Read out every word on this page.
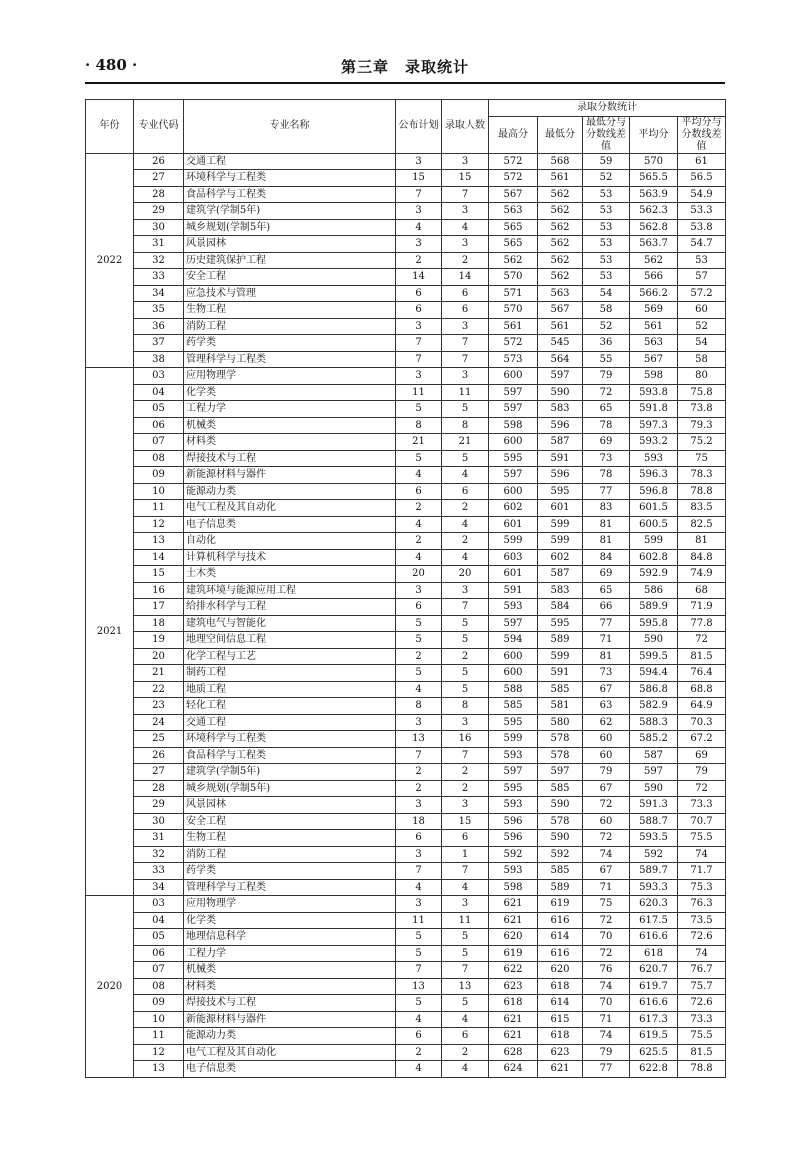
· 480 ·	第三章　录取统计
年份	专业代码	专业名称	公布计划	录取人数	录取分数统计				
					最高分	最低分	最低分与分数线差值	平均分	平均分与分数线差值
2022	26	交通工程	3	3	572	568	59	570	61
	27	环境科学与工程类	15	15	572	561	52	565.5	56.5
	28	食品科学与工程类	7	7	567	562	53	563.9	54.9
	29	建筑学(学制5年)	3	3	563	562	53	562.3	53.3
	30	城乡规划(学制5年)	4	4	565	562	53	562.8	53.8
	31	风景园林	3	3	565	562	53	563.7	54.7
	32	历史建筑保护工程	2	2	562	562	53	562	53
	33	安全工程	14	14	570	562	53	566	57
	34	应急技术与管理	6	6	571	563	54	566.2	57.2
	35	生物工程	6	6	570	567	58	569	60
	36	消防工程	3	3	561	561	52	561	52
	37	药学类	7	7	572	545	36	563	54
	38	管理科学与工程类	7	7	573	564	55	567	58
2021	03	应用物理学	3	3	600	597	79	598	80
	04	化学类	11	11	597	590	72	593.8	75.8
	05	工程力学	5	5	597	583	65	591.8	73.8
	06	机械类	8	8	598	596	78	597.3	79.3
	07	材料类	21	21	600	587	69	593.2	75.2
	08	焊接技术与工程	5	5	595	591	73	593	75
	09	新能源材料与器件	4	4	597	596	78	596.3	78.3
	10	能源动力类	6	6	600	595	77	596.8	78.8
	11	电气工程及其自动化	2	2	602	601	83	601.5	83.5
	12	电子信息类	4	4	601	599	81	600.5	82.5
	13	自动化	2	2	599	599	81	599	81
	14	计算机科学与技术	4	4	603	602	84	602.8	84.8
	15	土木类	20	20	601	587	69	592.9	74.9
	16	建筑环境与能源应用工程	3	3	591	583	65	586	68
	17	给排水科学与工程	6	7	593	584	66	589.9	71.9
	18	建筑电气与智能化	5	5	597	595	77	595.8	77.8
	19	地理空间信息工程	5	5	594	589	71	590	72
	20	化学工程与工艺	2	2	600	599	81	599.5	81.5
	21	制药工程	5	5	600	591	73	594.4	76.4
	22	地质工程	4	5	588	585	67	586.8	68.8
	23	轻化工程	8	8	585	581	63	582.9	64.9
	24	交通工程	3	3	595	580	62	588.3	70.3
	25	环境科学与工程类	13	16	599	578	60	585.2	67.2
	26	食品科学与工程类	7	7	593	578	60	587	69
	27	建筑学(学制5年)	2	2	597	597	79	597	79
	28	城乡规划(学制5年)	2	2	595	585	67	590	72
	29	风景园林	3	3	593	590	72	591.3	73.3
	30	安全工程	18	15	596	578	60	588.7	70.7
	31	生物工程	6	6	596	590	72	593.5	75.5
	32	消防工程	3	1	592	592	74	592	74
	33	药学类	7	7	593	585	67	589.7	71.7
	34	管理科学与工程类	4	4	598	589	71	593.3	75.3
2020	03	应用物理学	3	3	621	619	75	620.3	76.3
	04	化学类	11	11	621	616	72	617.5	73.5
	05	地理信息科学	5	5	620	614	70	616.6	72.6
	06	工程力学	5	5	619	616	72	618	74
	07	机械类	7	7	622	620	76	620.7	76.7
	08	材料类	13	13	623	618	74	619.7	75.7
	09	焊接技术与工程	5	5	618	614	70	616.6	72.6
	10	新能源材料与器件	4	4	621	615	71	617.3	73.3
	11	能源动力类	6	6	621	618	74	619.5	75.5
	12	电气工程及其自动化	2	2	628	623	79	625.5	81.5
	13	电子信息类	4	4	624	621	77	622.8	78.8
